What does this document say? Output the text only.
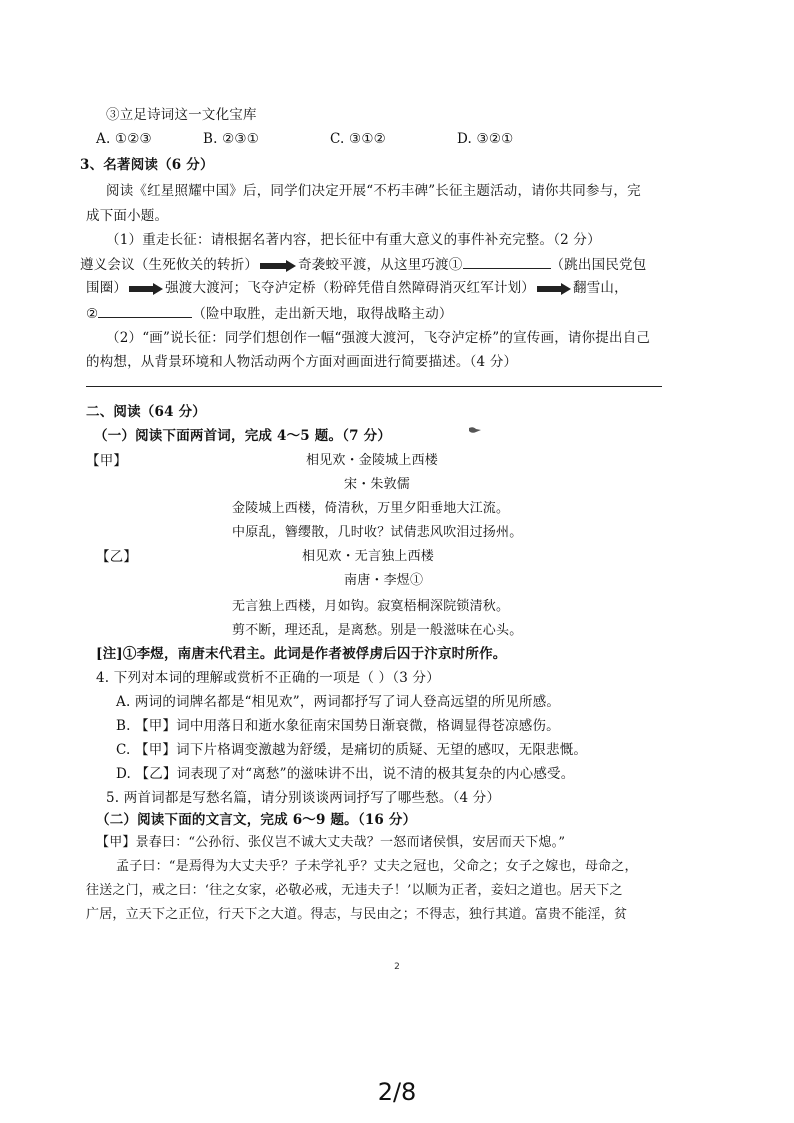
③立足诗词这一文化宝库
A. ①②③	B. ②③①	C. ③①②	D. ③②①
3、名著阅读（6 分）
阅读《红星照耀中国》后，同学们决定开展“不朽丰碑”长征主题活动，请你共同参与，完
成下面小题。
（1）重走长征：请根据名著内容，把长征中有重大意义的事件补充完整。（2 分）
遵义会议（生死攸关的转折）	奇袭蛟平渡，从这里巧渡①	（跳出国民党包
围圈）	强渡大渡河；飞夺泸定桥（粉碎凭借自然障碍消灭红军计划）	翻雪山，
②	（险中取胜，走出新天地，取得战略主动）
（2）“画”说长征：同学们想创作一幅“强渡大渡河，飞夺泸定桥”的宣传画，请你提出自己
的构想，从背景环境和人物活动两个方面对画面进行简要描述。（4 分）
二、阅读（64 分）
（一）阅读下面两首词，完成 4～5 题。（7 分）
【甲】	相见欢・金陵城上西楼
宋・朱敦儒
金陵城上西楼，倚清秋，万里夕阳垂地大江流。
中原乱，簪缨散，几时收？试倩悲风吹泪过扬州。
【乙】	相见欢・无言独上西楼
南唐・李煜①
无言独上西楼，月如钩。寂寞梧桐深院锁清秋。
剪不断，理还乱，是离愁。别是一般滋味在心头。
[注]①李煜，南唐末代君主。此词是作者被俘虏后囚于汴京时所作。
4. 下列对本词的理解或赏析不正确的一项是（ ）（3 分）
A. 两词的词牌名都是“相见欢”，两词都抒写了词人登高远望的所见所感。
B. 【甲】词中用落日和逝水象征南宋国势日渐衰微，格调显得苍凉感伤。
C. 【甲】词下片格调变激越为舒缓，是痛切的质疑、无望的感叹，无限悲慨。
D. 【乙】词表现了对“离愁”的滋味讲不出，说不清的极其复杂的内心感受。
5. 两首词都是写愁名篇，请分别谈谈两词抒写了哪些愁。（4 分）
（二）阅读下面的文言文，完成 6～9 题。（16 分）
【甲】景春曰：“公孙衍、张仪岂不诚大丈夫哉？一怒而诸侯惧，安居而天下熄。”
孟子曰：“是焉得为大丈夫乎？子未学礼乎？丈夫之冠也，父命之；女子之嫁也，母命之，
往送之门，戒之曰：‘往之女家，必敬必戒，无违夫子！’以顺为正者，妾妇之道也。居天下之
广居，立天下之正位，行天下之大道。得志，与民由之；不得志，独行其道。富贵不能淫，贫
2
2/8
